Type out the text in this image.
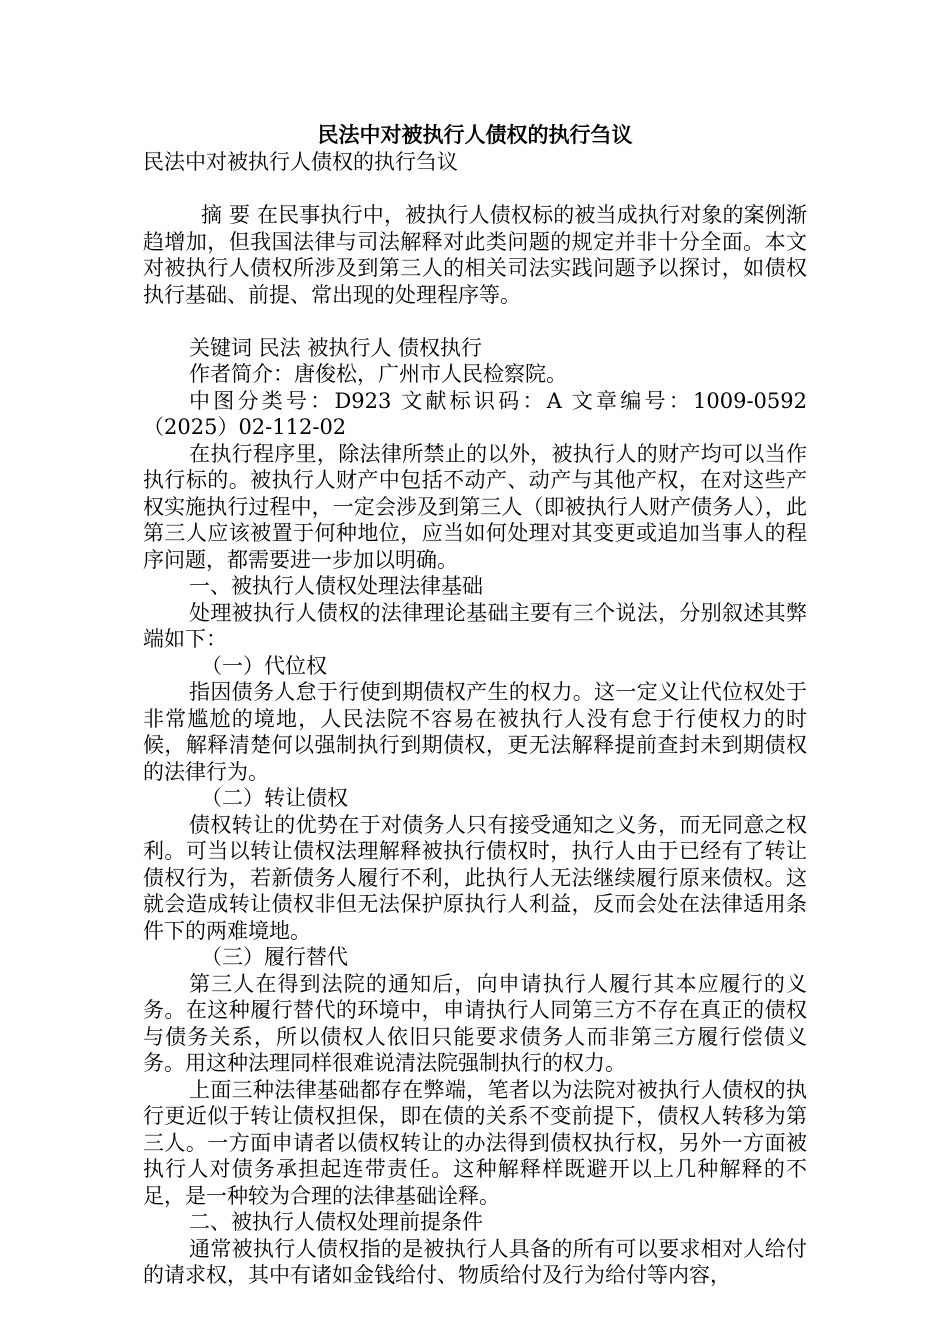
民法中对被执行人债权的执行刍议

民法中对被执行人债权的执行刍议

摘 要 在民事执行中，被执行人债权标的被当成执行对象的案例渐趋增加，但我国法律与司法解释对此类问题的规定并非十分全面。本文对被执行人债权所涉及到第三人的相关司法实践问题予以探讨，如债权执行基础、前提、常出现的处理程序等。

关键词 民法 被执行人 债权执行

作者简介：唐俊松，广州市人民检察院。

中图分类号：D923 文献标识码：A 文章编号：1009-0592（2025）02-112-02

在执行程序里，除法律所禁止的以外，被执行人的财产均可以当作执行标的。被执行人财产中包括不动产、动产与其他产权，在对这些产权实施执行过程中，一定会涉及到第三人（即被执行人财产债务人），此第三人应该被置于何种地位，应当如何处理对其变更或追加当事人的程序问题，都需要进一步加以明确。

一、被执行人债权处理法律基础

处理被执行人债权的法律理论基础主要有三个说法，分别叙述其弊端如下：

（一）代位权

指因债务人怠于行使到期债权产生的权力。这一定义让代位权处于非常尴尬的境地，人民法院不容易在被执行人没有怠于行使权力的时候，解释清楚何以强制执行到期债权，更无法解释提前查封未到期债权的法律行为。

（二）转让债权

债权转让的优势在于对债务人只有接受通知之义务，而无同意之权利。可当以转让债权法理解释被执行债权时，执行人由于已经有了转让债权行为，若新债务人履行不利，此执行人无法继续履行原来债权。这就会造成转让债权非但无法保护原执行人利益，反而会处在法律适用条件下的两难境地。

（三）履行替代

第三人在得到法院的通知后，向申请执行人履行其本应履行的义务。在这种履行替代的环境中，申请执行人同第三方不存在真正的债权与债务关系，所以债权人依旧只能要求债务人而非第三方履行偿债义务。用这种法理同样很难说清法院强制执行的权力。

上面三种法律基础都存在弊端，笔者以为法院对被执行人债权的执行更近似于转让债权担保，即在债的关系不变前提下，债权人转移为第三人。一方面申请者以债权转让的办法得到债权执行权，另外一方面被执行人对债务承担起连带责任。这种解释样既避开以上几种解释的不足，是一种较为合理的法律基础诠释。

二、被执行人债权处理前提条件

通常被执行人债权指的是被执行人具备的所有可以要求相对人给付的请求权，其中有诸如金钱给付、物质给付及行为给付等内容，
